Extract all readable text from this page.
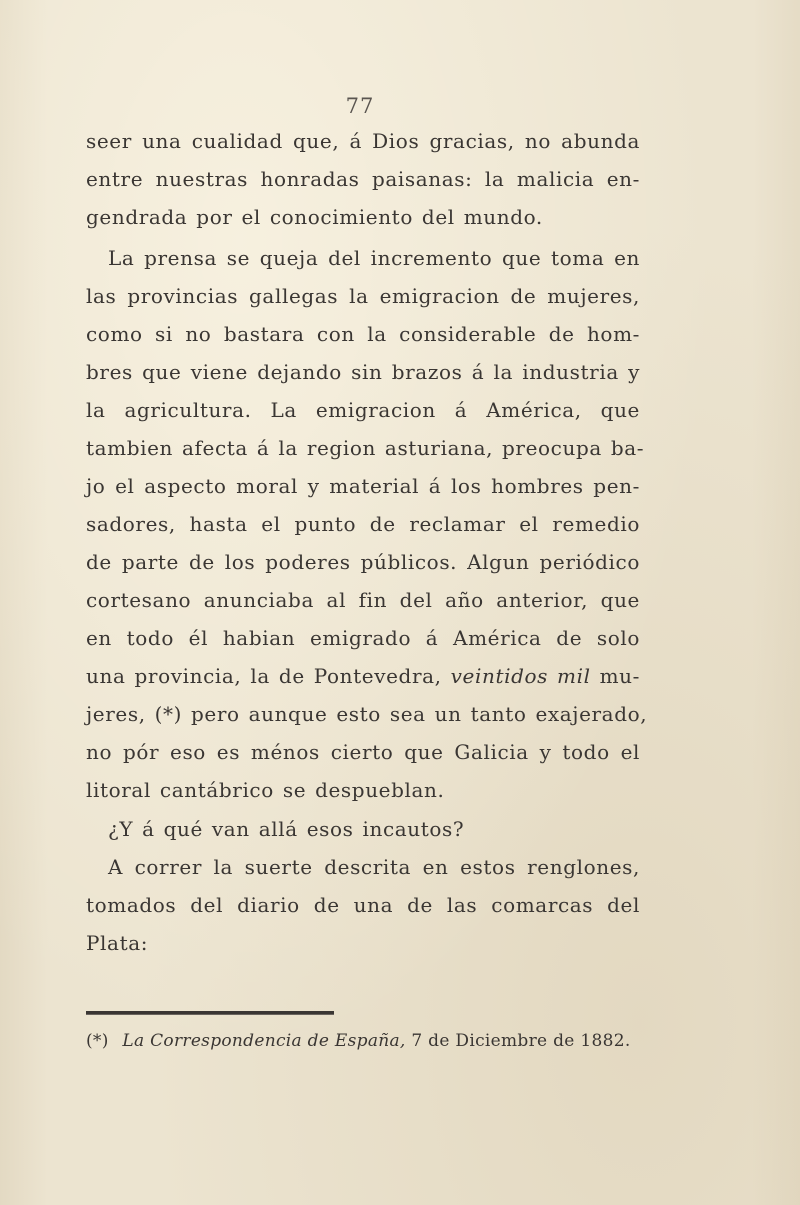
77
seer una cualidad que, á Dios gracias, no abunda
entre nuestras honradas paisanas: la malicia en-
gendrada por el conocimiento del mundo.
La prensa se queja del incremento que toma en
las provincias gallegas la emigracion de mujeres,
como si no bastara con la considerable de hom-
bres que viene dejando sin brazos á la industria y
la agricultura. La emigracion á América, que
tambien afecta á la region asturiana, preocupa ba-
jo el aspecto moral y material á los hombres pen-
sadores, hasta el punto de reclamar el remedio
de parte de los poderes públicos. Algun periódico
cortesano anunciaba al fin del año anterior, que
en todo él habian emigrado á América de solo
una provincia, la de Pontevedra, veintidos mil mu-
jeres, (*) pero aunque esto sea un tanto exajerado,
no pór eso es ménos cierto que Galicia y todo el
litoral cantábrico se despueblan.
¿Y á qué van allá esos incautos?
A correr la suerte descrita en estos renglones,
tomados del diario de una de las comarcas del
Plata:
(*) La Correspondencia de España, 7 de Diciembre de 1882.
